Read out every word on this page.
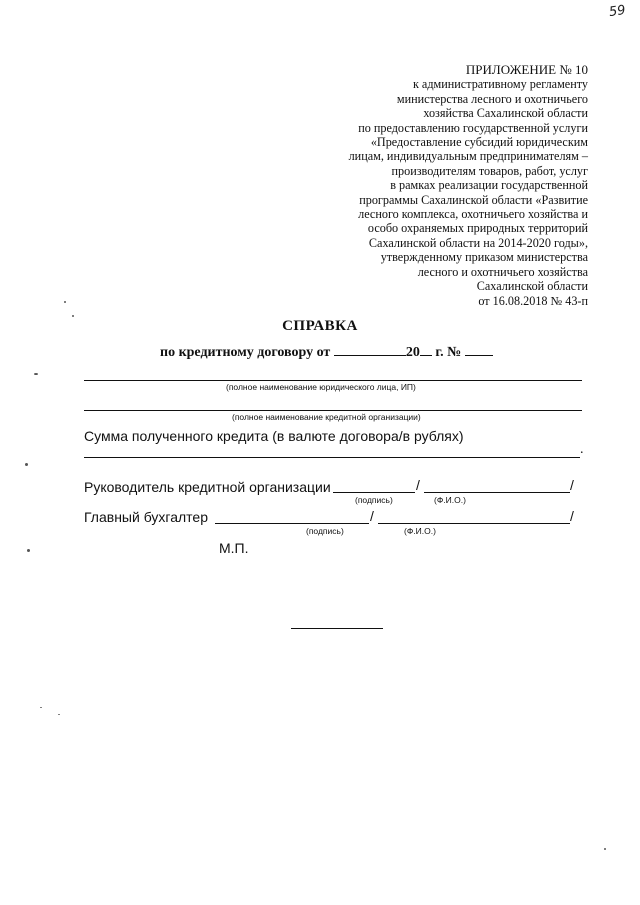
59
ПРИЛОЖЕНИЕ № 10
к административному регламенту
министерства лесного и охотничьего
хозяйства Сахалинской области
по предоставлению государственной услуги
«Предоставление субсидий юридическим
лицам, индивидуальным предпринимателям –
производителям товаров, работ, услуг
в рамках реализации государственной
программы Сахалинской области «Развитие
лесного комплекса, охотничьего хозяйства и
особо охраняемых природных территорий
Сахалинской области на 2014-2020 годы»,
утвержденному приказом министерства
лесного и охотничьего хозяйства
Сахалинской области
от 16.08.2018 № 43-п
СПРАВКА
по кредитному договору от	20 г. №
(полное наименование юридического лица, ИП)
(полное наименование кредитной организации)
Сумма полученного кредита (в валюте договора/в рублях)
.
Руководитель кредитной организации	/	/
(подпись)	(Ф.И.О.)
Главный бухгалтер	/	/
(подпись)	(Ф.И.О.)
М.П.
